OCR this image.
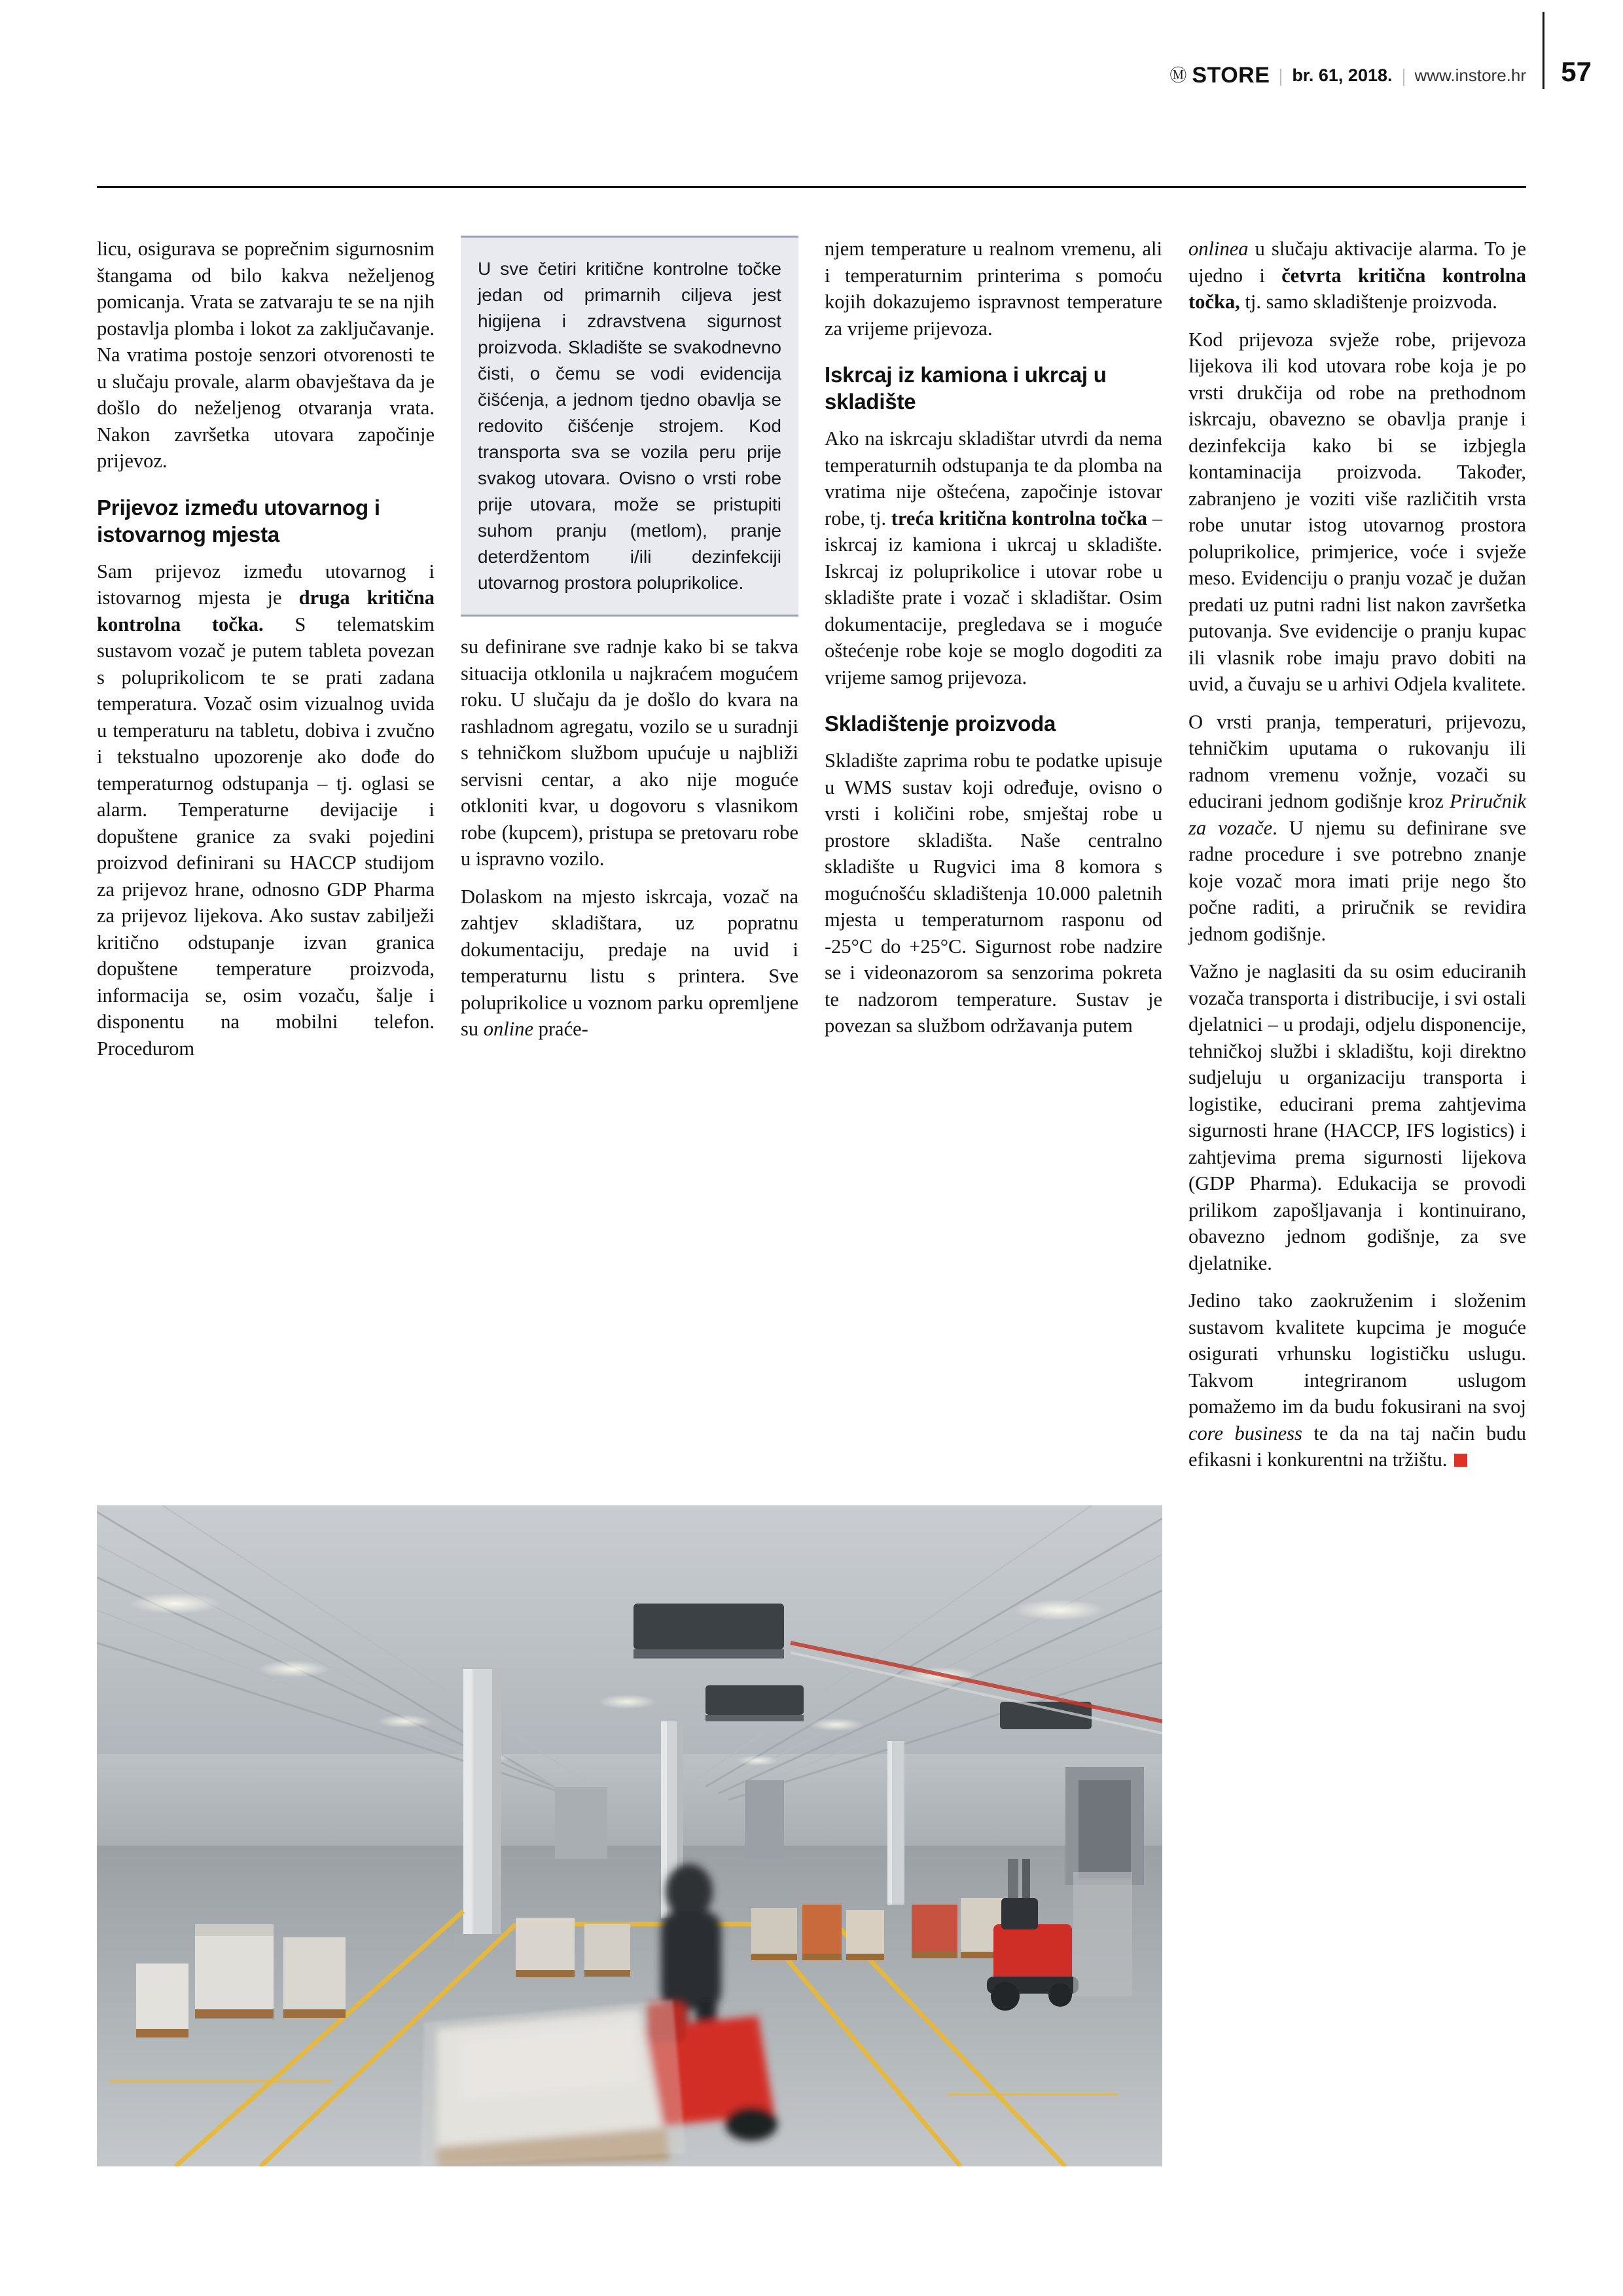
Ⓜ STORE br. 61, 2018. www.instore.hr 57

licu, osigurava se poprečnim sigurnosnim štangama od bilo kakva neželjenog pomicanja. Vrata se zatvaraju te se na njih postavlja plomba i lokot za zaključavanje. Na vratima postoje senzori otvorenosti te u slučaju provale, alarm obavještava da je došlo do neželjenog otvaranja vrata. Nakon završetka utovara započinje prijevoz.

Prijevoz između utovarnog i istovarnog mjesta

Sam prijevoz između utovarnog i istovarnog mjesta je druga kritična kontrolna točka. S telematskim sustavom vozač je putem tableta povezan s poluprikolicom te se prati zadana temperatura. Vozač osim vizualnog uvida u temperaturu na tabletu, dobiva i zvučno i tekstualno upozorenje ako dođe do temperaturnog odstupanja – tj. oglasi se alarm. Temperaturne devijacije i dopuštene granice za svaki pojedini proizvod definirani su HACCP studijom za prijevoz hrane, odnosno GDP Pharma za prijevoz lijekova. Ako sustav zabilježi kritično odstupanje izvan granica dopuštene temperature proizvoda, informacija se, osim vozaču, šalje i disponentu na mobilni telefon. Procedurom

U sve četiri kritične kontrolne točke jedan od primarnih ciljeva jest higijena i zdravstvena sigurnost proizvoda. Skladište se svakodnevno čisti, o čemu se vodi evidencija čišćenja, a jednom tjedno obavlja se redovito čišćenje strojem. Kod transporta sva se vozila peru prije svakog utovara. Ovisno o vrsti robe prije utovara, može se pristupiti suhom pranju (metlom), pranje deterdžentom i/ili dezinfekciji utovarnog prostora poluprikolice.

su definirane sve radnje kako bi se takva situacija otklonila u najkraćem mogućem roku. U slučaju da je došlo do kvara na rashladnom agregatu, vozilo se u suradnji s tehničkom službom upućuje u najbliži servisni centar, a ako nije moguće otkloniti kvar, u dogovoru s vlasnikom robe (kupcem), pristupa se pretovaru robe u ispravno vozilo.

Dolaskom na mjesto iskrcaja, vozač na zahtjev skladištara, uz popratnu dokumentaciju, predaje na uvid i temperaturnu listu s printera. Sve poluprikolice u voznom parku opremljene su online praće-

njem temperature u realnom vremenu, ali i temperaturnim printerima s pomoću kojih dokazujemo ispravnost temperature za vrijeme prijevoza.

Iskrcaj iz kamiona i ukrcaj u skladište

Ako na iskrcaju skladištar utvrdi da nema temperaturnih odstupanja te da plomba na vratima nije oštećena, započinje istovar robe, tj. treća kritična kontrolna točka – iskrcaj iz kamiona i ukrcaj u skladište. Iskrcaj iz poluprikolice i utovar robe u skladište prate i vozač i skladištar. Osim dokumentacije, pregledava se i moguće oštećenje robe koje se moglo dogoditi za vrijeme samog prijevoza.

Skladištenje proizvoda

Skladište zaprima robu te podatke upisuje u WMS sustav koji određuje, ovisno o vrsti i količini robe, smještaj robe u prostore skladišta. Naše centralno skladište u Rugvici ima 8 komora s mogućnošću skladištenja 10.000 paletnih mjesta u temperaturnom rasponu od -25°C do +25°C. Sigurnost robe nadzire se i videonazorom sa senzorima pokreta te nadzorom temperature. Sustav je povezan sa službom održavanja putem

onlinea u slučaju aktivacije alarma. To je ujedno i četvrta kritična kontrolna točka, tj. samo skladištenje proizvoda.

Kod prijevoza svježe robe, prijevoza lijekova ili kod utovara robe koja je po vrsti drukčija od robe na prethodnom iskrcaju, obavezno se obavlja pranje i dezinfekcija kako bi se izbjegla kontaminacija proizvoda. Također, zabranjeno je voziti više različitih vrsta robe unutar istog utovarnog prostora poluprikolice, primjerice, voće i svježe meso. Evidenciju o pranju vozač je dužan predati uz putni radni list nakon završetka putovanja. Sve evidencije o pranju kupac ili vlasnik robe imaju pravo dobiti na uvid, a čuvaju se u arhivi Odjela kvalitete.

O vrsti pranja, temperaturi, prijevozu, tehničkim uputama o rukovanju ili radnom vremenu vožnje, vozači su educirani jednom godišnje kroz Priručnik za vozače. U njemu su definirane sve radne procedure i sve potrebno znanje koje vozač mora imati prije nego što počne raditi, a priručnik se revidira jednom godišnje.

Važno je naglasiti da su osim educiranih vozača transporta i distribucije, i svi ostali djelatnici – u prodaji, odjelu disponencije, tehničkoj službi i skladištu, koji direktno sudjeluju u organizaciju transporta i logistike, educirani prema zahtjevima sigurnosti hrane (HACCP, IFS logistics) i zahtjevima prema sigurnosti lijekova (GDP Pharma). Edukacija se provodi prilikom zapošljavanja i kontinuirano, obavezno jednom godišnje, za sve djelatnike.

Jedino tako zaokruženim i složenim sustavom kvalitete kupcima je moguće osigurati vrhunsku logističku uslugu. Takvom integriranom uslugom pomažemo im da budu fokusirani na svoj core business te da na taj način budu efikasni i konkurentni na tržištu.
